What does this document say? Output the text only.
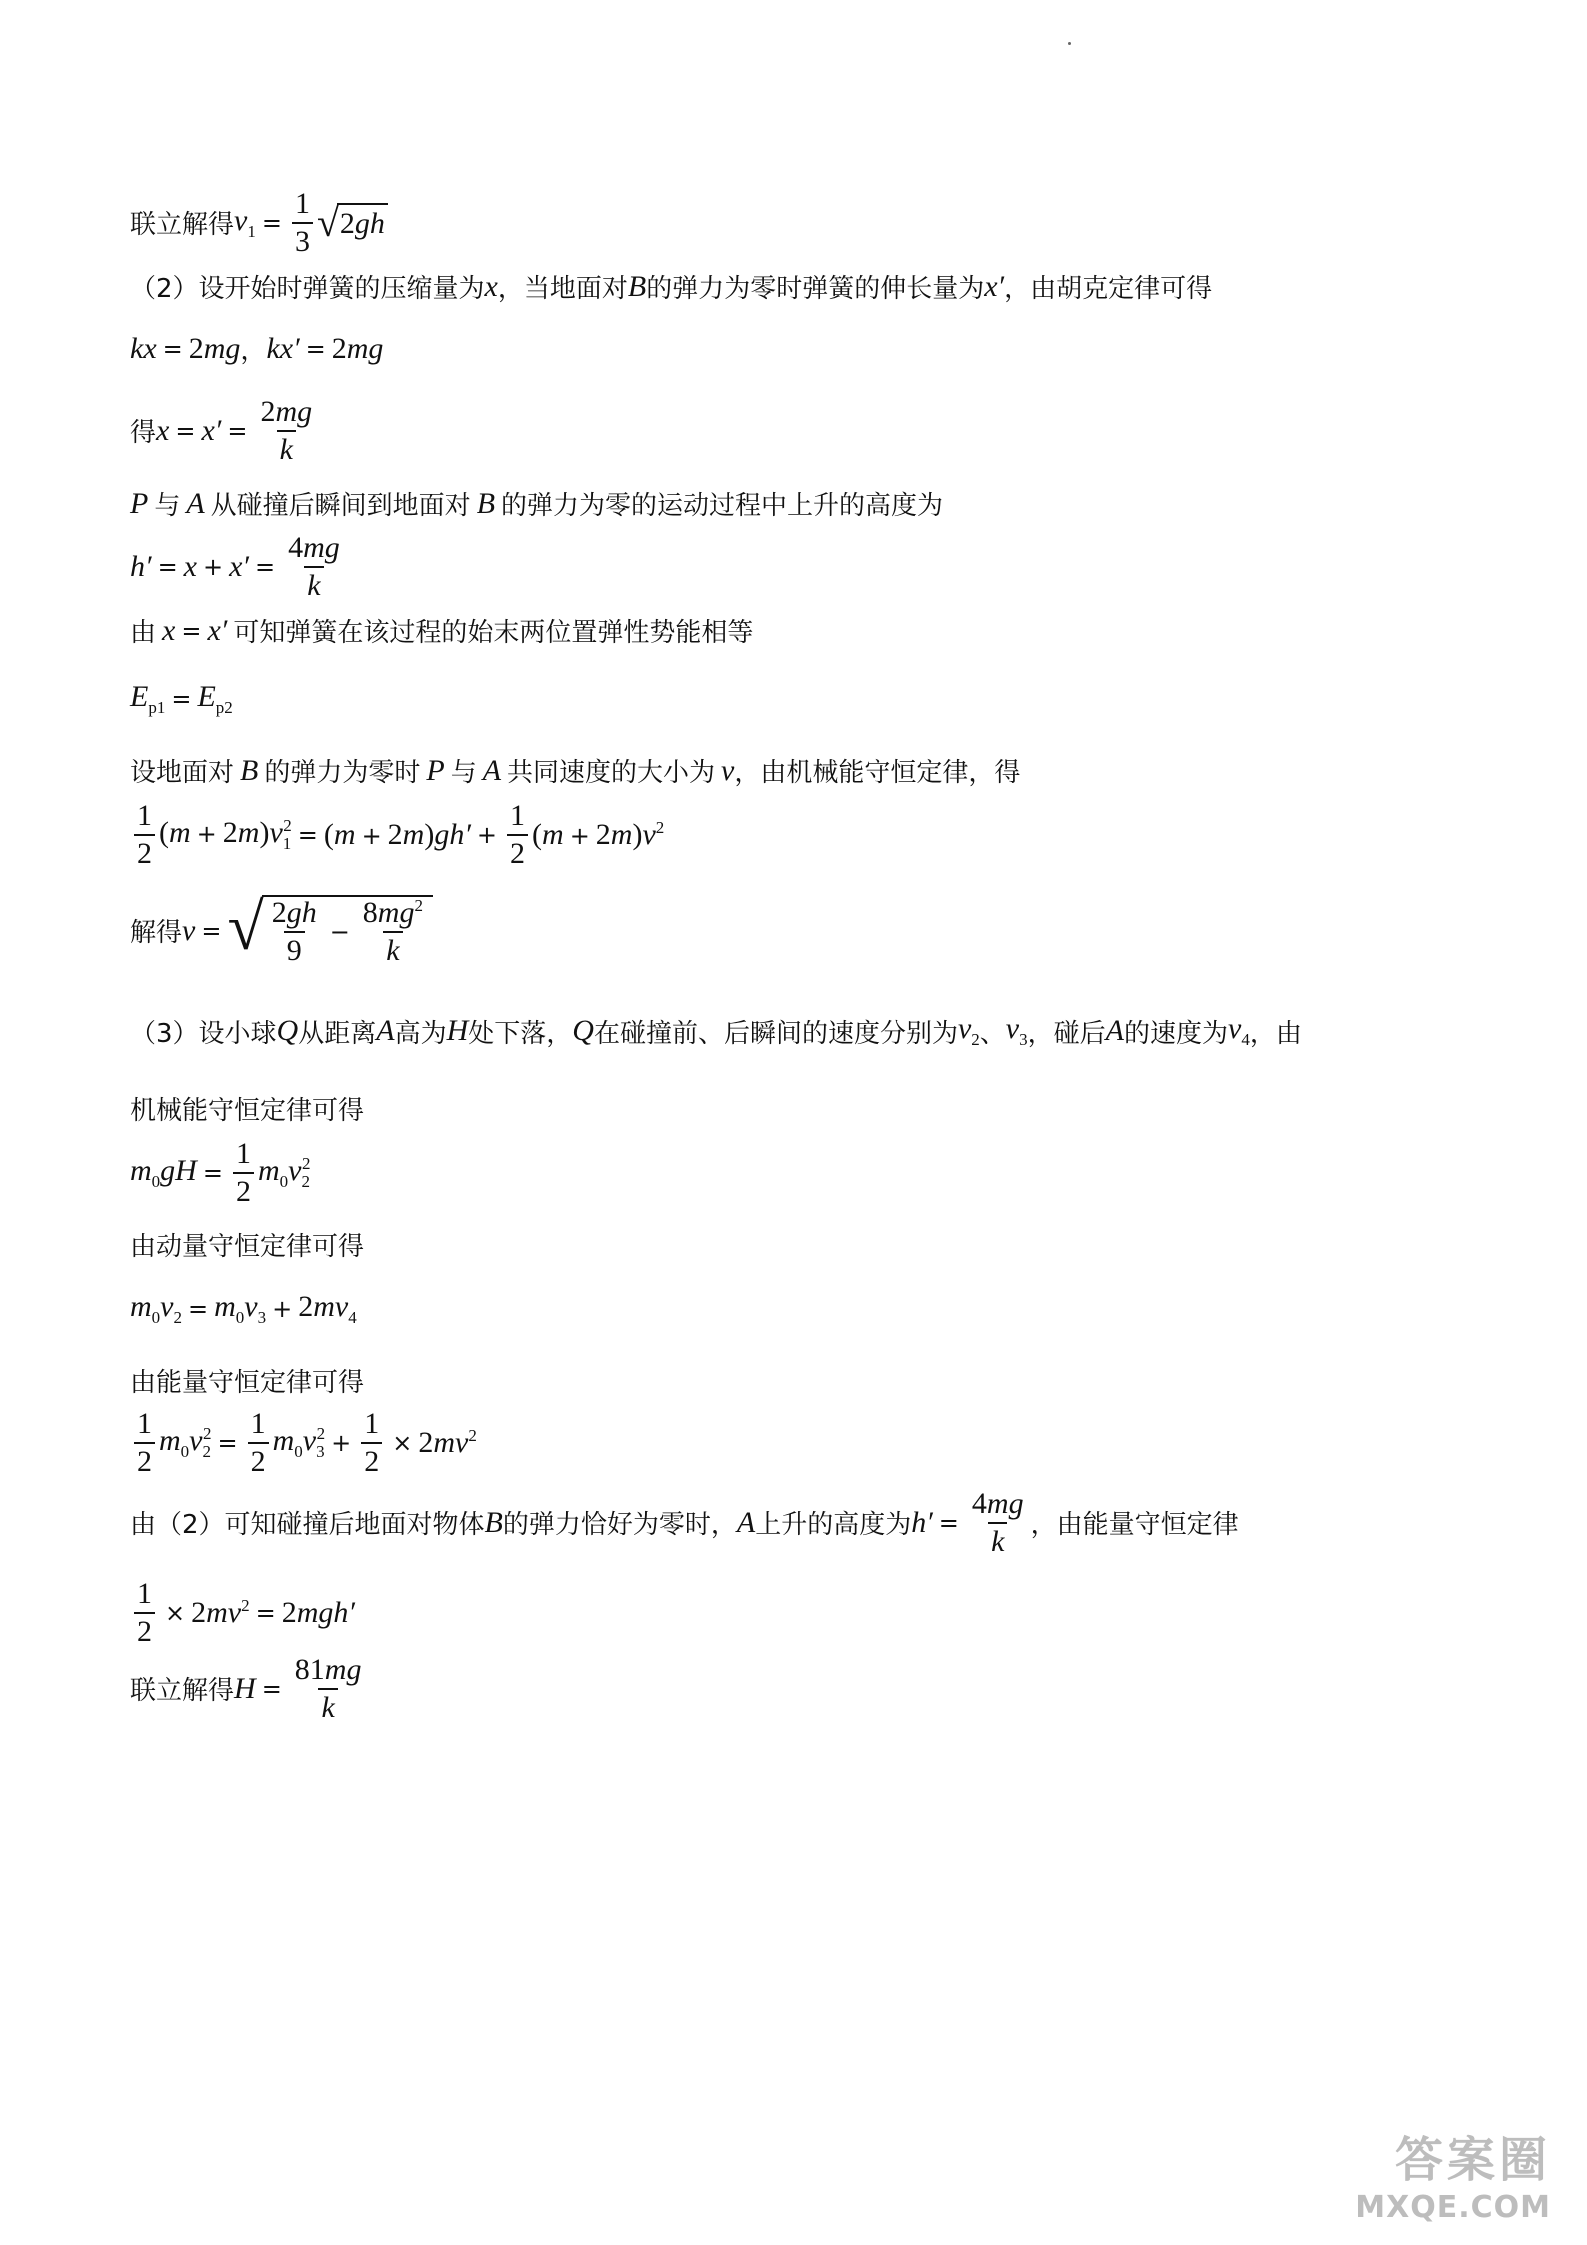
联立解得 $v_1 = \frac{1}{3}$ √ 2 gh
（2）设开始时弹簧的压缩量为 x ，当地面对 B 的弹力为零时弹簧的伸长量为 x′ ，由胡克定律可得
kx = 2mg ， kx′ = 2mg
得 $x = x' = \frac{2mg}{k}$
P 与 A 从碰撞后瞬间到地面对 B 的弹力为零的运动过程中上升的高度为
$h' = x + x' = \frac{4mg}{k}$
由 x = x′ 可知弹簧在该过程的始末两位置弹性势能相等
$E_{p1} = E_{p2}$
设地面对 B 的弹力为零时 P 与 A 共同速度的大小为 v ，由机械能守恒定律，得
$\frac{1}{2} (m + 2m)v_1^2 = (m + 2m)gh' + \frac{1}{2} (m + 2m)v^2$
解得 v = √ $\frac{2gh}{9} - \frac{8mg^2}{k}$
（3）设小球 Q 从距离 A 高为 H 处下落， Q 在碰撞前、后瞬间的速度分别为 $v_2$ 、 $v_3$ ，碰后 A 的速度为 $v_4$ ，由
机械能守恒定律可得
$m_0gH = \frac{1}{2} m_0v_2^2$
由动量守恒定律可得
$m_0v_2 = m_0v_3 + 2mv_4$
由能量守恒定律可得
$\frac{1}{2} m_0v_2^2 = \frac{1}{2} m_0v_3^2 + \frac{1}{2} \times 2mv^2$
由（2）可知碰撞后地面对物体 B 的弹力恰好为零时， A 上升的高度为 $h' = \frac{4mg}{k}$ ，由能量守恒定律
$\frac{1}{2} \times 2mv^2 = 2mgh'$
联立解得 $H = \frac{81mg}{k}$
答案圈
MXQE.COM
